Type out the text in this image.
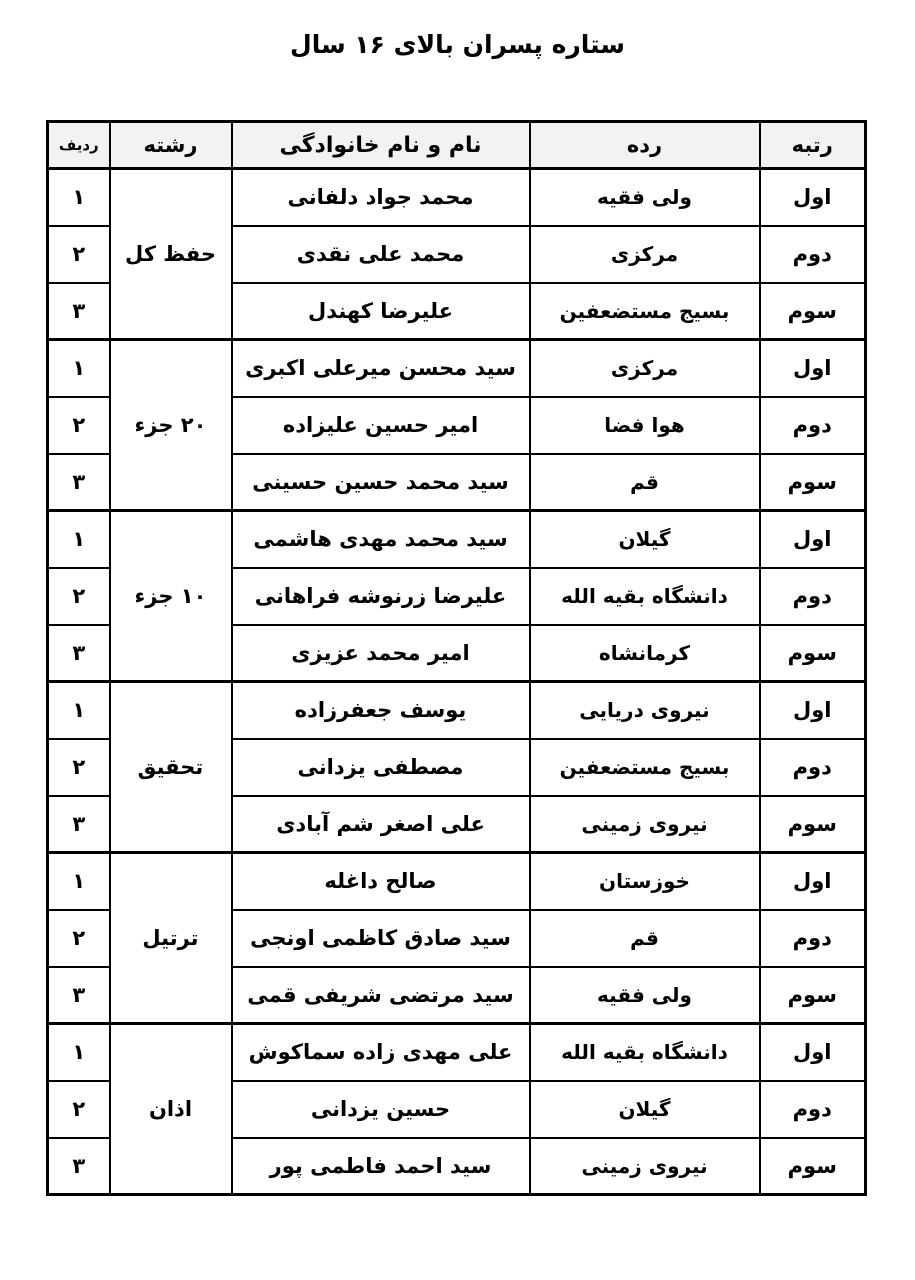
ستاره پسران بالای ۱۶ سال
رتبه	رده	نام و نام خانوادگی	رشته	ردیف
اول	ولی فقیه	محمد جواد دلفانی	حفظ کل	۱
دوم	مرکزی	محمد علی نقدی		۲
سوم	بسیج مستضعفین	علیرضا کهندل		۳
اول	مرکزی	سید محسن میرعلی اکبری	۲۰ جزء	۱
دوم	هوا فضا	امیر حسین علیزاده		۲
سوم	قم	سید محمد حسین حسینی		۳
اول	گیلان	سید محمد مهدی هاشمی	۱۰ جزء	۱
دوم	دانشگاه بقیه الله	علیرضا زرنوشه فراهانی		۲
سوم	کرمانشاه	امیر محمد عزیزی		۳
اول	نیروی دریایی	یوسف جعفرزاده	تحقیق	۱
دوم	بسیج مستضعفین	مصطفی یزدانی		۲
سوم	نیروی زمینی	علی اصغر شم آبادی		۳
اول	خوزستان	صالح داغله	ترتیل	۱
دوم	قم	سید صادق کاظمی اونجی		۲
سوم	ولی فقیه	سید مرتضی شریفی قمی		۳
اول	دانشگاه بقیه الله	علی مهدی زاده سماکوش	اذان	۱
دوم	گیلان	حسین یزدانی		۲
سوم	نیروی زمینی	سید احمد فاطمی پور		۳
